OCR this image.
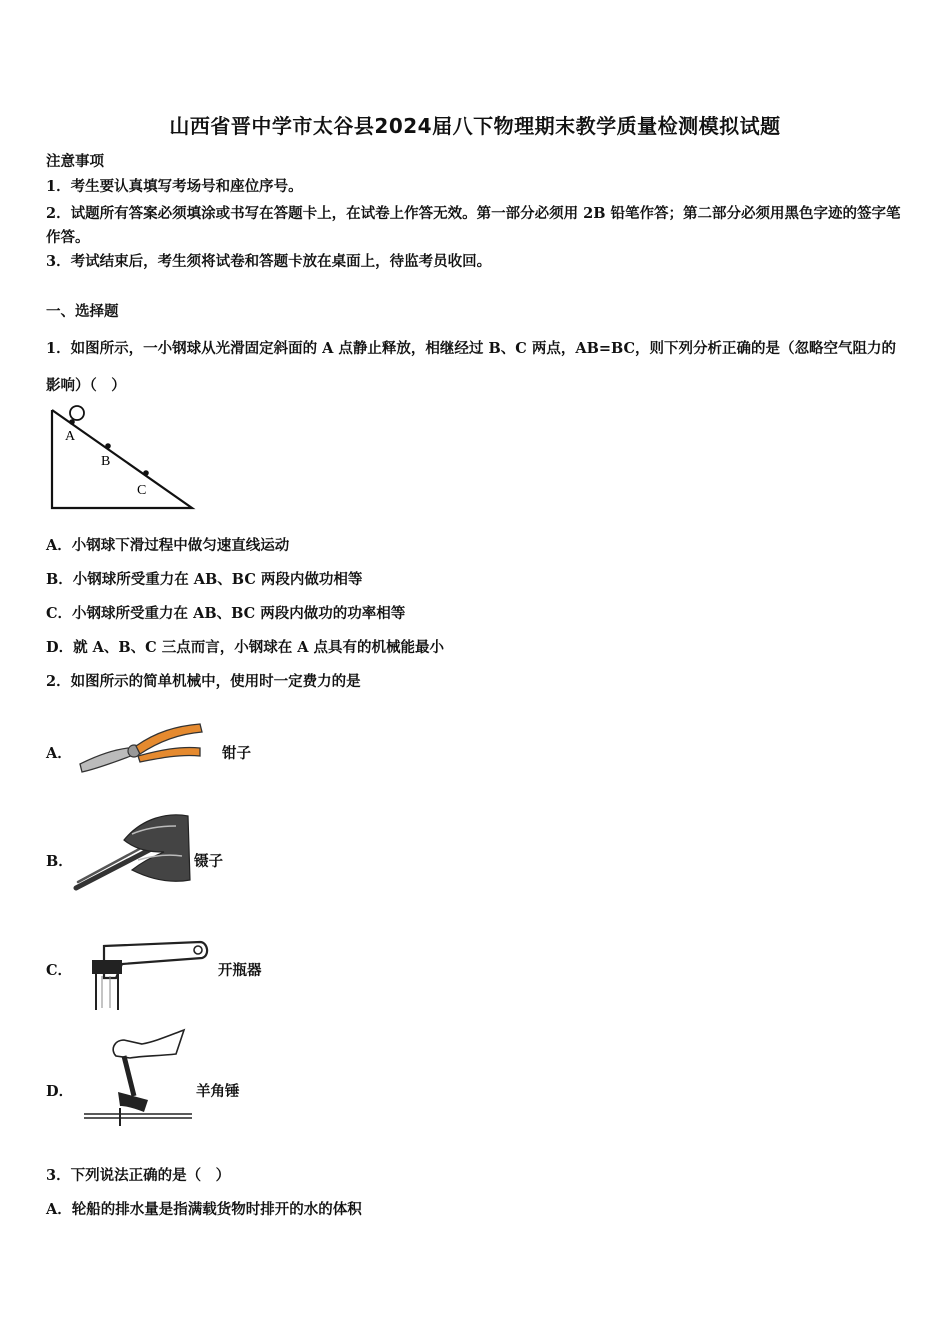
山西省晋中学市太谷县2024届八下物理期末教学质量检测模拟试题
注意事项
1．考生要认真填写考场号和座位序号。
2．试题所有答案必须填涂或书写在答题卡上，在试卷上作答无效。第一部分必须用 2B 铅笔作答；第二部分必须用黑色字迹的签字笔作答。
3．考试结束后，考生须将试卷和答题卡放在桌面上，待监考员收回。
一、选择题
1．如图所示，一小钢球从光滑固定斜面的 A 点静止释放，相继经过 B、C 两点，AB=BC，则下列分析正确的是（忽略空气阻力的影响）（　）
A
B
C
A．小钢球下滑过程中做匀速直线运动
B．小钢球所受重力在 AB、BC 两段内做功相等
C．小钢球所受重力在 AB、BC 两段内做功的功率相等
D．就 A、B、C 三点而言，小钢球在 A 点具有的机械能最小
2．如图所示的简单机械中，使用时一定费力的是
A．	钳子
B．	镊子
C．	开瓶器
D．	羊角锤
3．下列说法正确的是（　）
A．轮船的排水量是指满载货物时排开的水的体积
